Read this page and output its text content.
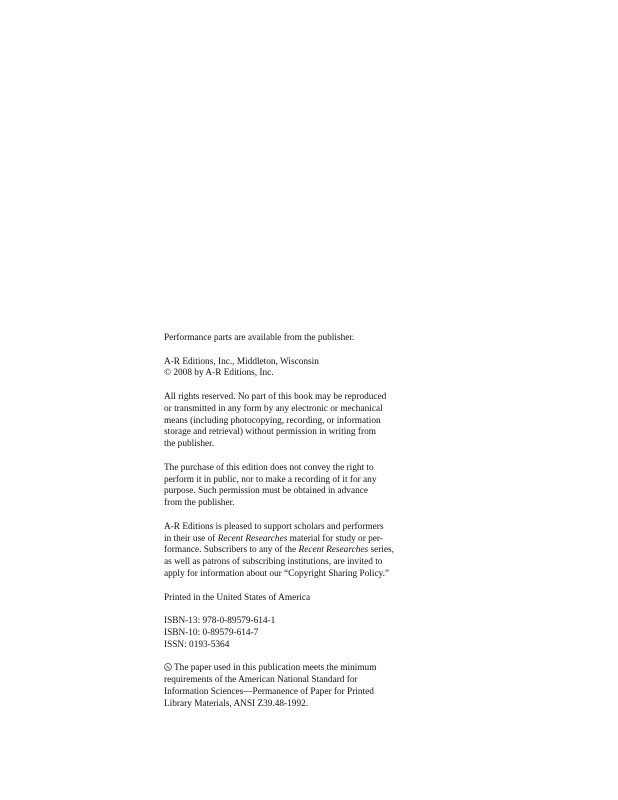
Performance parts are available from the publisher.

A-R Editions, Inc., Middleton, Wisconsin
© 2008 by A-R Editions, Inc.

All rights reserved. No part of this book may be reproduced
or transmitted in any form by any electronic or mechanical
means (including photocopying, recording, or information
storage and retrieval) without permission in writing from
the publisher.

The purchase of this edition does not convey the right to
perform it in public, nor to make a recording of it for any
purpose. Such permission must be obtained in advance
from the publisher.

A-R Editions is pleased to support scholars and performers
in their use of Recent Researches material for study or per-
formance. Subscribers to any of the Recent Researches series,
as well as patrons of subscribing institutions, are invited to
apply for information about our “Copyright Sharing Policy.”

Printed in the United States of America

ISBN-13: 978-0-89579-614-1
ISBN-10: 0-89579-614-7
ISSN: 0193-5364

The paper used in this publication meets the minimum
requirements of the American National Standard for
Information Sciences—Permanence of Paper for Printed
Library Materials, ANSI Z39.48-1992.
